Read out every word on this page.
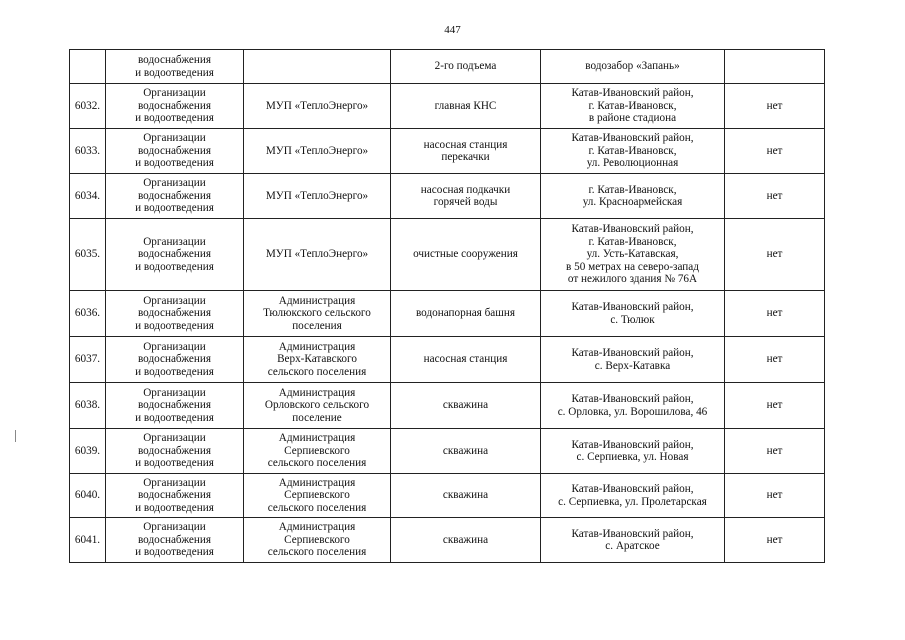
447

	водоснабжения
и водоотведения		2-го подъема	водозабор «Запань»	

6032.	Организации
водоснабжения
и водоотведения	МУП «ТеплоЭнерго»	главная КНС	Катав-Ивановский район,
г. Катав-Ивановск,
в районе стадиона	нет
6033.	Организации
водоснабжения
и водоотведения	МУП «ТеплоЭнерго»	насосная станция
перекачки	Катав-Ивановский район,
г. Катав-Ивановск,
ул. Революционная	нет
6034.	Организации
водоснабжения
и водоотведения	МУП «ТеплоЭнерго»	насосная подкачки
горячей воды	г. Катав-Ивановск,
ул. Красноармейская	нет
6035.	Организации
водоснабжения
и водоотведения	МУП «ТеплоЭнерго»	очистные сооружения	Катав-Ивановский район,
г. Катав-Ивановск,
ул. Усть-Катавская,
в 50 метрах на северо-запад
от нежилого здания № 76А	нет
6036.	Организации
водоснабжения
и водоотведения	Администрация
Тюлюкского сельского
поселения	водонапорная башня	Катав-Ивановский район,
с. Тюлюк	нет
6037.	Организации
водоснабжения
и водоотведения	Администрация
Верх-Катавского
сельского поселения	насосная станция	Катав-Ивановский район,
с. Верх-Катавка	нет
6038.	Организации
водоснабжения
и водоотведения	Администрация
Орловского сельского
поселение	скважина	Катав-Ивановский район,
с. Орловка, ул. Ворошилова, 46	нет
6039.	Организации
водоснабжения
и водоотведения	Администрация
Серпиевского
сельского поселения	скважина	Катав-Ивановский район,
с. Серпиевка, ул. Новая	нет
6040.	Организации
водоснабжения
и водоотведения	Администрация
Серпиевского
сельского поселения	скважина	Катав-Ивановский район,
с. Серпиевка, ул. Пролетарская	нет
6041.	Организации
водоснабжения
и водоотведения	Администрация
Серпиевского
сельского поселения	скважина	Катав-Ивановский район,
с. Аратское	нет
